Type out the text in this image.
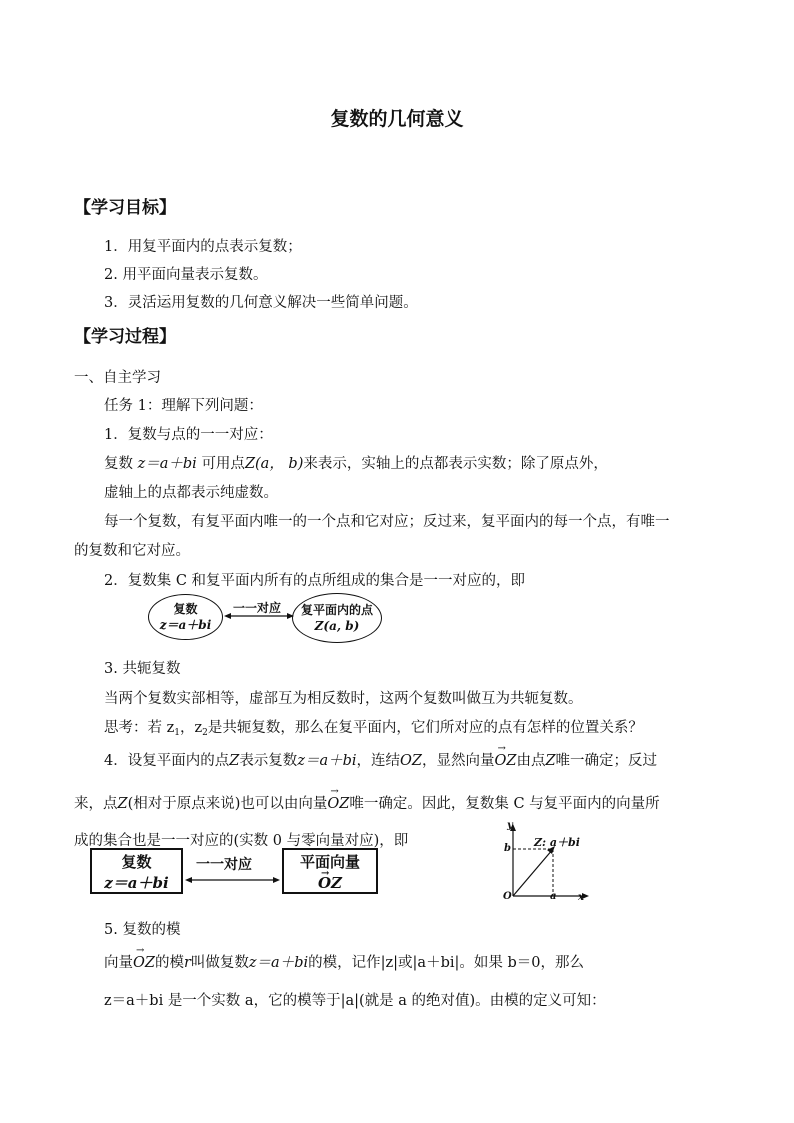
复数的几何意义
【学习目标】
1．用复平面内的点表示复数；
2. 用平面向量表示复数。
3．灵活运用复数的几何意义解决一些简单问题。
【学习过程】
一、自主学习
任务 1：理解下列问题：
1．复数与点的一一对应：
复数 z＝a＋bi 可用点Z(a， b)来表示，实轴上的点都表示实数；除了原点外，
虚轴上的点都表示纯虚数。
每一个复数，有复平面内唯一的一个点和它对应；反过来，复平面内的每一个点，有唯一
的复数和它对应。
2．复数集 C 和复平面内所有的点所组成的集合是一一对应的，即
复数
z＝a＋bi
一一对应	复平面内的点
Z(a, b)
3. 共轭复数
当两个复数实部相等，虚部互为相反数时，这两个复数叫做互为共轭复数。
思考：若 $z_1$，$z_2$是共轭复数，那么在复平面内，它们所对应的点有怎样的位置关系？
4．设复平面内的点Z表示复数z＝a＋bi，连结OZ，显然向量→ OZ由点Z唯一确定；反过
来，点Z(相对于原点来说)也可以由向量→ OZ唯一确定。因此，复数集 C 与复平面内的向量所
成的集合也是一一对应的(实数 0 与零向量对应)，即
复数
z＝a＋bi
一一对应	平面向量
→ OZ
y
x
O
b
a
Z: a＋bi
5. 复数的模
向量→ OZ的模r叫做复数z＝a＋bi的模，记作|z|或|a＋bi|。如果 b＝0，那么
z＝a＋bi 是一个实数 a，它的模等于|a|(就是 a 的绝对值)。由模的定义可知：
